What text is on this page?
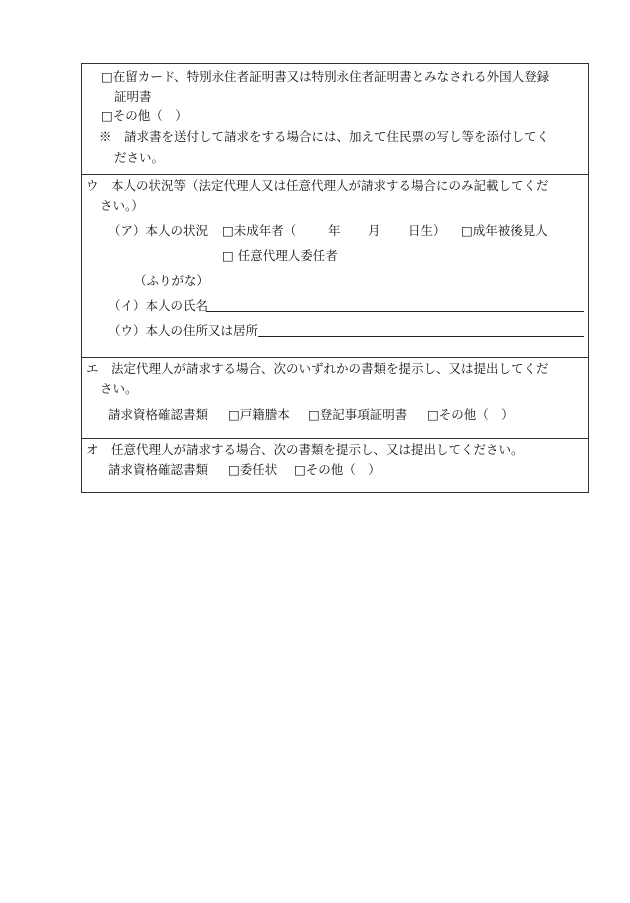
□在留カード、特別永住者証明書又は特別永住者証明書とみなされる外国人登録
証明書
□その他（　）
※　請求書を送付して請求をする場合には、加えて住民票の写し等を添付してく
ださい。
ウ　本人の状況等（法定代理人又は任意代理人が請求する場合にのみ記載してくだ
さい。）
（ア）本人の状況 □未成年者（	年 月 日生） □成年被後見人
□ 任意代理人委任者
（ふりがな）
（イ）本人の氏名
（ウ）本人の住所又は居所
エ　法定代理人が請求する場合、次のいずれかの書類を提示し、又は提出してくだ
さい。
請求資格確認書類 □戸籍謄本 □登記事項証明書 □その他（　）
オ　任意代理人が請求する場合、次の書類を提示し、又は提出してください。
請求資格確認書類 □委任状 □その他（　）
